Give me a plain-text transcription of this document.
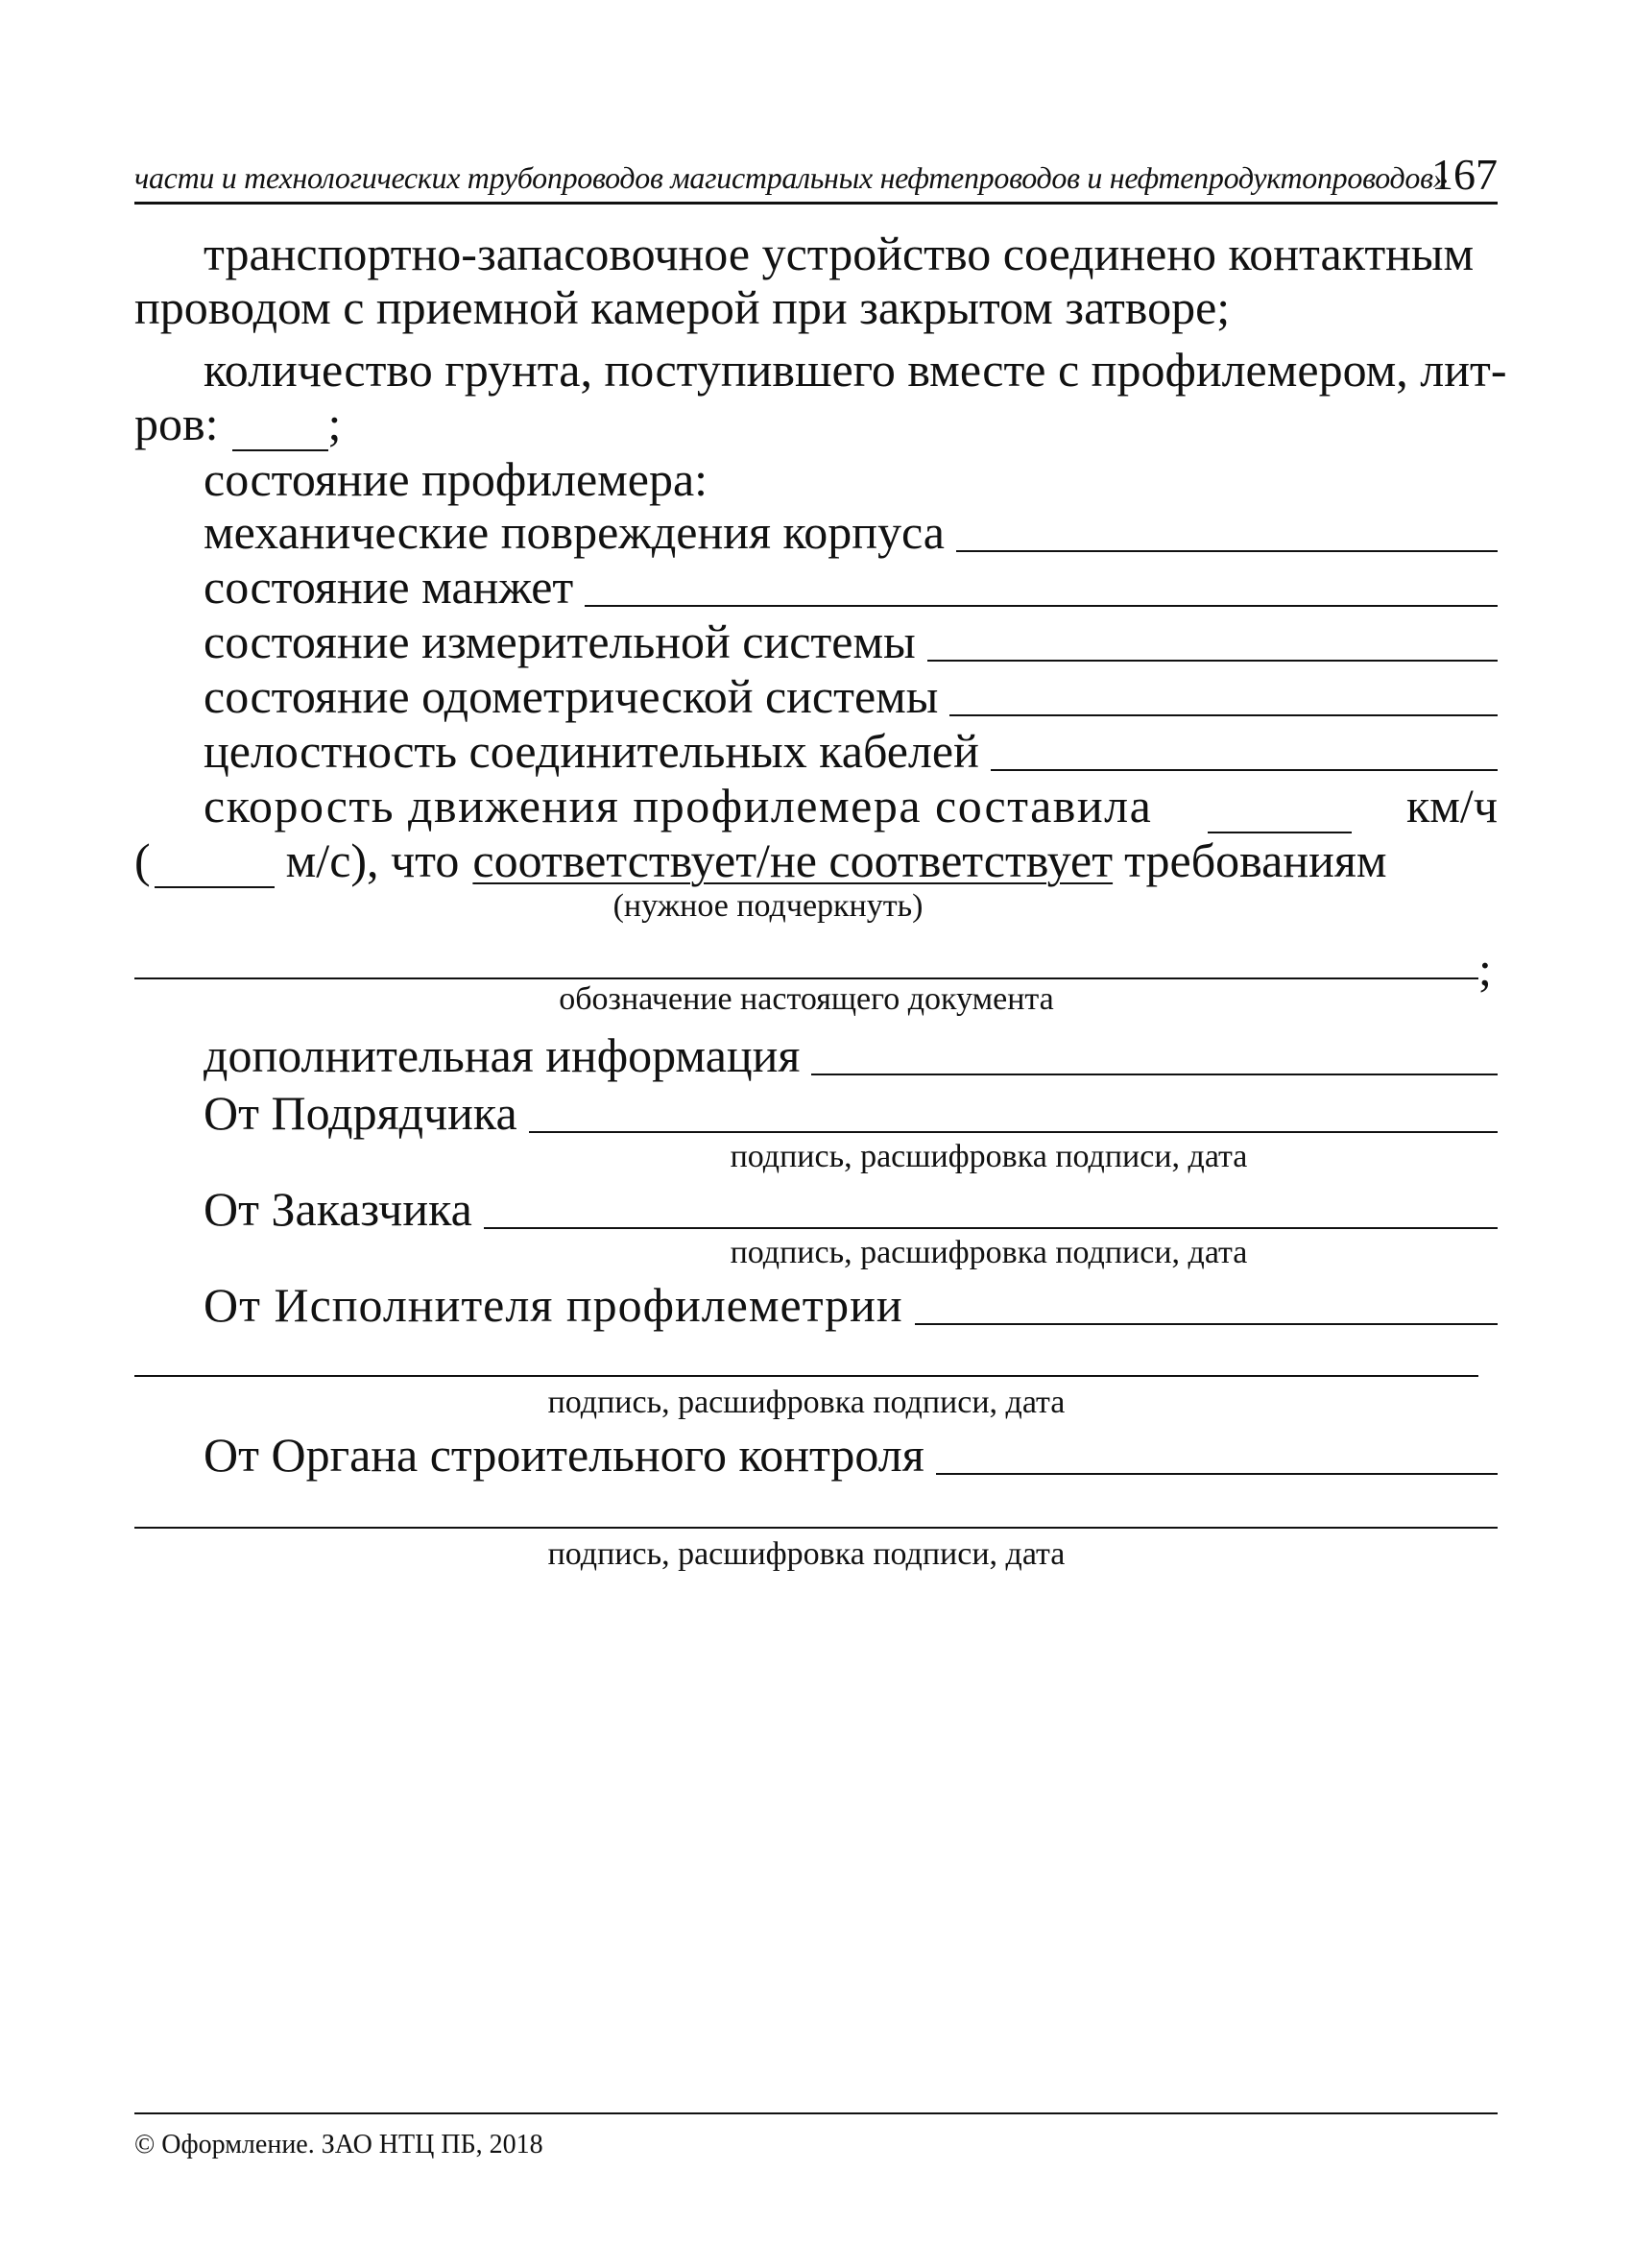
части и технологических трубопроводов магистральных нефтепроводов и нефтепродуктопроводов»
167
транспортно-запасовочное устройство соединено контактным
проводом с приемной камерой при закрытом затворе;
количество грунта, поступившего вместе с профилемером, лит-
ров: ;
состояние профилемера:
механические повреждения корпуса
состояние манжет
состояние измерительной системы
состояние одометрической системы
целостность соединительных кабелей
скорость движения профилемера составила	км/ч
(	м/с), что соответствует/не соответствует требованиям
(нужное подчеркнуть)
;
обозначение настоящего документа
дополнительная информация
От Подрядчика
подпись, расшифровка подписи, дата
От Заказчика
подпись, расшифровка подписи, дата
От Исполнителя профилеметрии
подпись, расшифровка подписи, дата
От Органа строительного контроля
подпись, расшифровка подписи, дата
© Оформление. ЗАО НТЦ ПБ, 2018
